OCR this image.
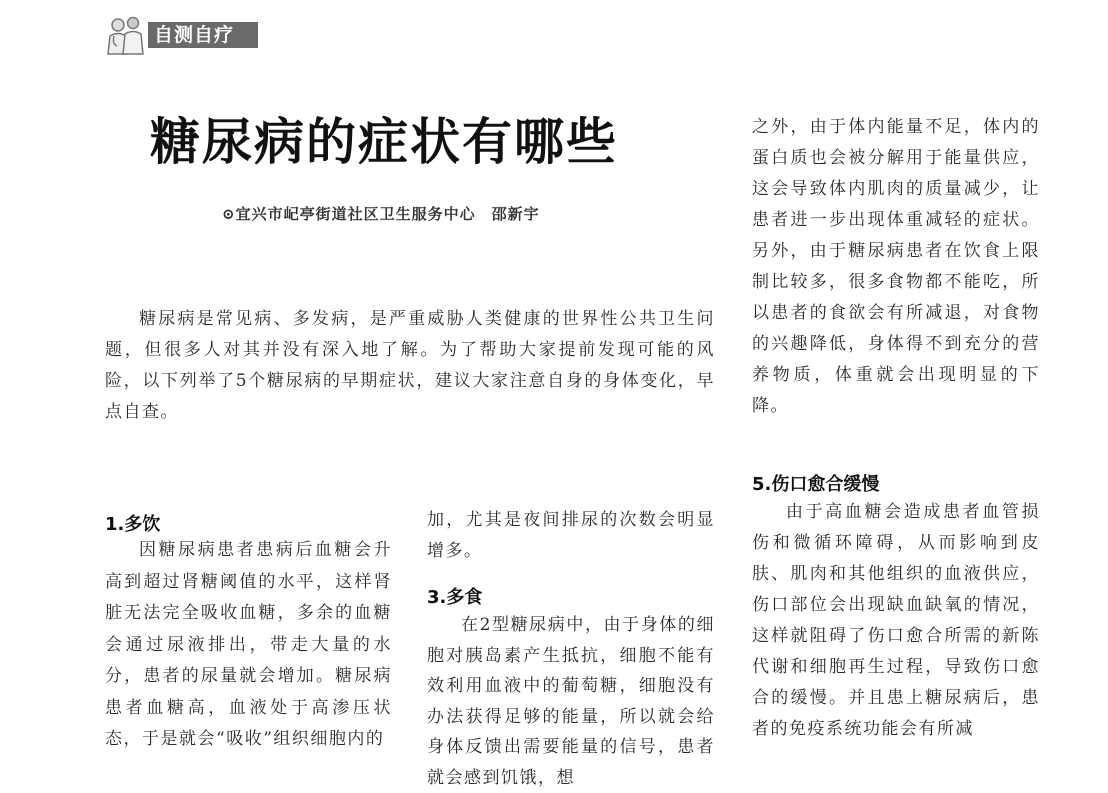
自测自疗
糖尿病的症状有哪些
⊙宜兴市屺亭街道社区卫生服务中心　邵新宇

糖尿病是常见病、多发病，是严重威胁人类健康的世界性公共卫生问题，但很多人对其并没有深入地了解。为了帮助大家提前发现可能的风险，以下列举了5个糖尿病的早期症状，建议大家注意自身的身体变化，早点自查。

1.多饮

因糖尿病患者患病后血糖会升高到超过肾糖阈值的水平，这样肾脏无法完全吸收血糖，多余的血糖会通过尿液排出，带走大量的水分，患者的尿量就会增加。糖尿病患者血糖高，血液处于高渗压状态，于是就会“吸收”组织细胞内的

加，尤其是夜间排尿的次数会明显增多。

3.多食

在2型糖尿病中，由于身体的细胞对胰岛素产生抵抗，细胞不能有效利用血液中的葡萄糖，细胞没有办法获得足够的能量，所以就会给身体反馈出需要能量的信号，患者就会感到饥饿，想

之外，由于体内能量不足，体内的蛋白质也会被分解用于能量供应，这会导致体内肌肉的质量减少，让患者进一步出现体重减轻的症状。另外，由于糖尿病患者在饮食上限制比较多，很多食物都不能吃，所以患者的食欲会有所减退，对食物的兴趣降低，身体得不到充分的营养物质，体重就会出现明显的下降。

5.伤口愈合缓慢

由于高血糖会造成患者血管损伤和微循环障碍，从而影响到皮肤、肌肉和其他组织的血液供应，伤口部位会出现缺血缺氧的情况，这样就阻碍了伤口愈合所需的新陈代谢和细胞再生过程，导致伤口愈合的缓慢。并且患上糖尿病后，患者的免疫系统功能会有所减
